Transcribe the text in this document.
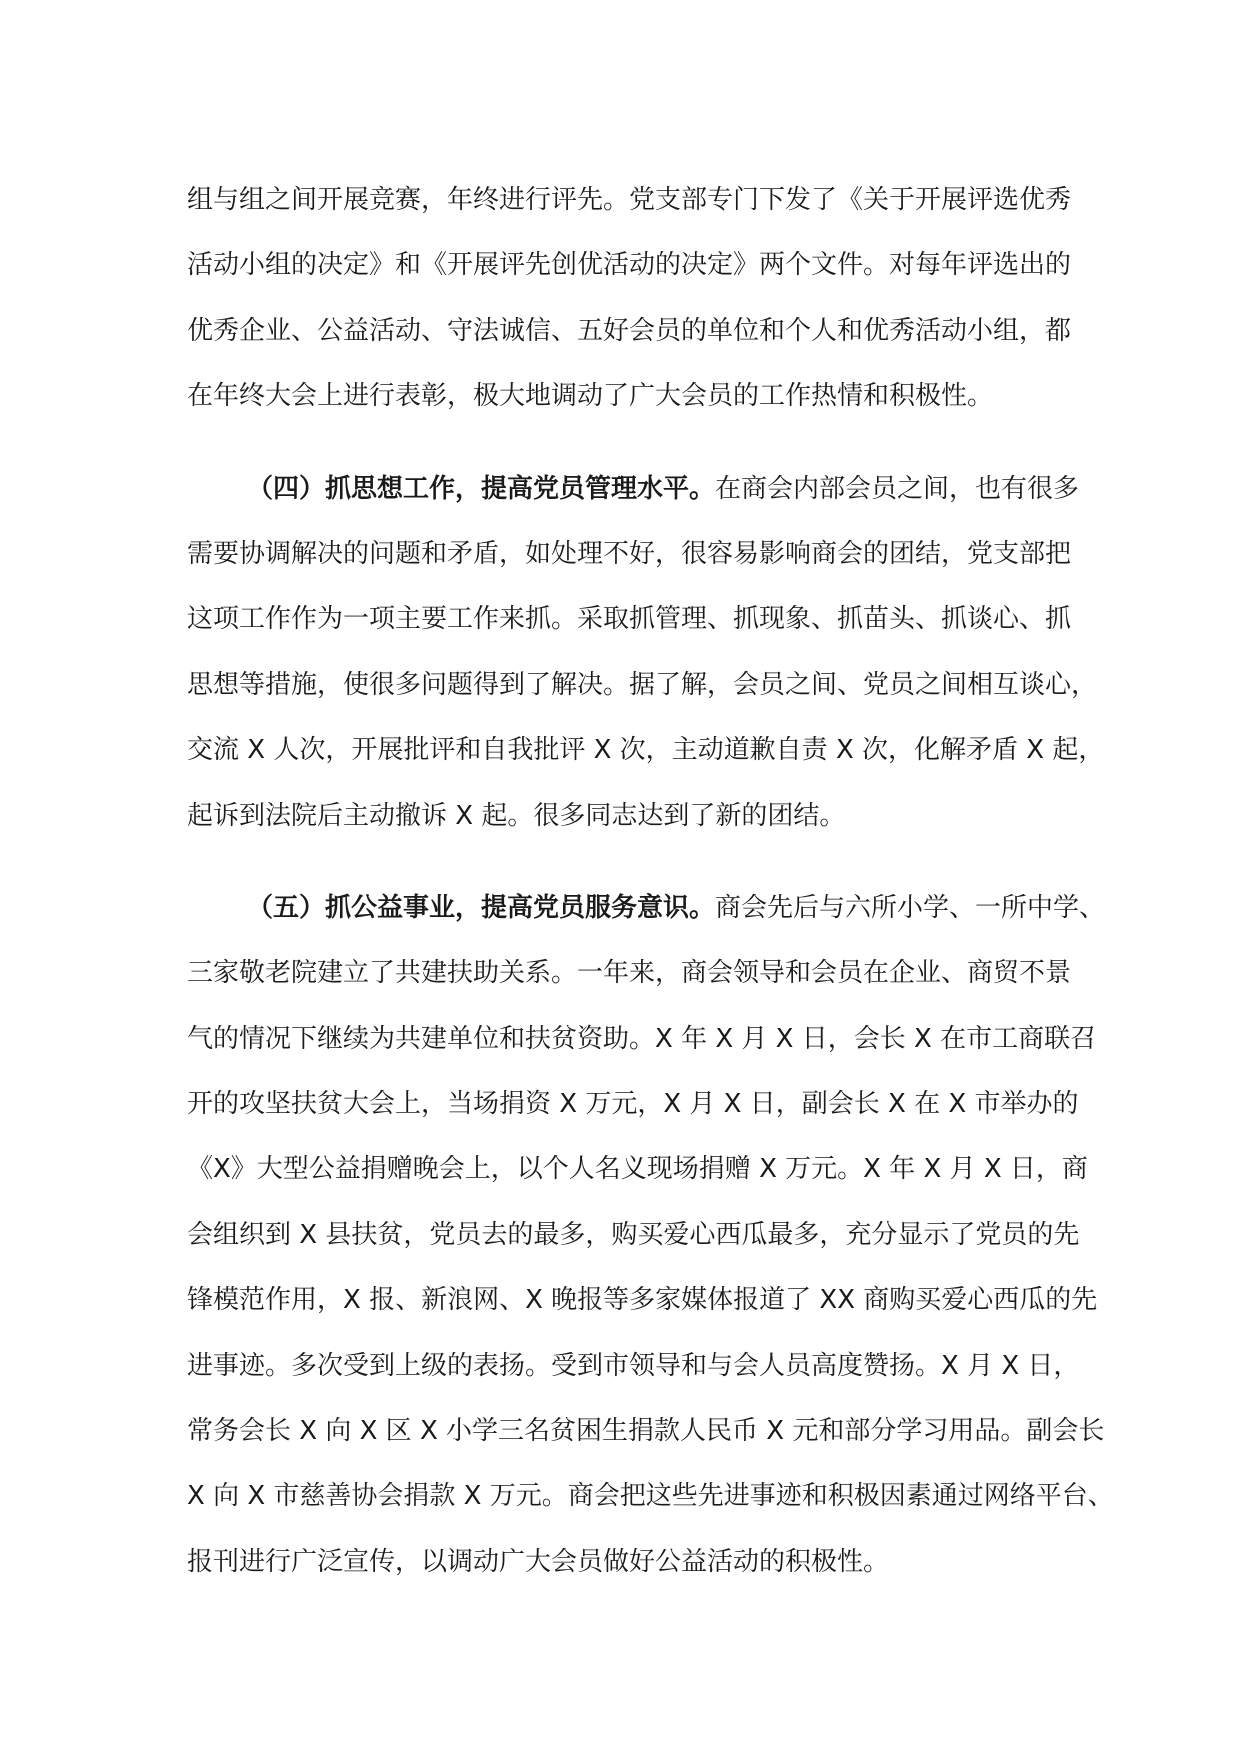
组与组之间开展竞赛，年终进行评先。党支部专门下发了《关于开展评选优秀
活动小组的决定》和《开展评先创优活动的决定》两个文件。对每年评选出的
优秀企业、公益活动、守法诚信、五好会员的单位和个人和优秀活动小组，都
在年终大会上进行表彰，极大地调动了广大会员的工作热情和积极性。
（四）抓思想工作，提高党员管理水平。在商会内部会员之间，也有很多
需要协调解决的问题和矛盾，如处理不好，很容易影响商会的团结，党支部把
这项工作作为一项主要工作来抓。采取抓管理、抓现象、抓苗头、抓谈心、抓
思想等措施，使很多问题得到了解决。据了解，会员之间、党员之间相互谈心，
交流 X 人次，开展批评和自我批评 X 次，主动道歉自责 X 次，化解矛盾 X 起，
起诉到法院后主动撤诉 X 起。很多同志达到了新的团结。
（五）抓公益事业，提高党员服务意识。商会先后与六所小学、一所中学、
三家敬老院建立了共建扶助关系。一年来，商会领导和会员在企业、商贸不景
气的情况下继续为共建单位和扶贫资助。X 年 X 月 X 日，会长 X 在市工商联召
开的攻坚扶贫大会上，当场捐资 X 万元，X 月 X 日，副会长 X 在 X 市举办的
《X》大型公益捐赠晚会上，以个人名义现场捐赠 X 万元。X 年 X 月 X 日，商
会组织到 X 县扶贫，党员去的最多，购买爱心西瓜最多，充分显示了党员的先
锋模范作用，X 报、新浪网、X 晚报等多家媒体报道了 XX 商购买爱心西瓜的先
进事迹。多次受到上级的表扬。受到市领导和与会人员高度赞扬。X 月 X 日，
常务会长 X 向 X 区 X 小学三名贫困生捐款人民币 X 元和部分学习用品。副会长
X 向 X 市慈善协会捐款 X 万元。商会把这些先进事迹和积极因素通过网络平台、
报刊进行广泛宣传，以调动广大会员做好公益活动的积极性。
